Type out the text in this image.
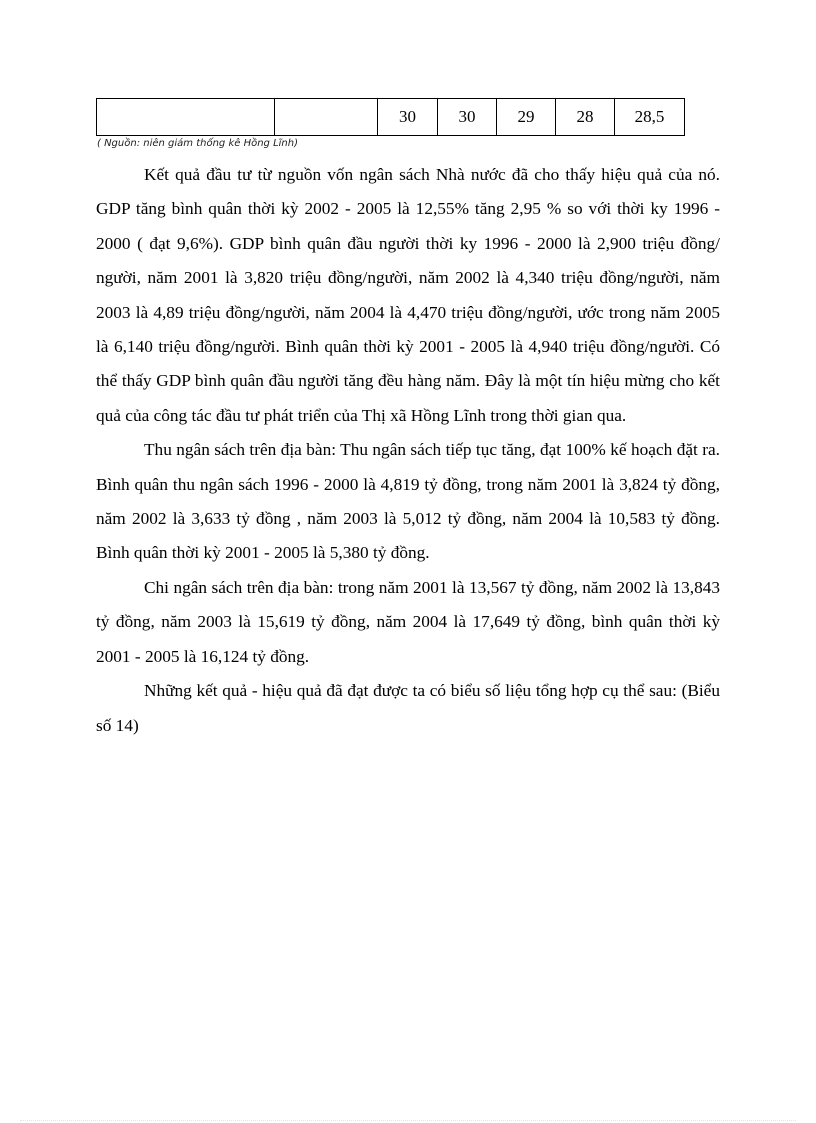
		30	30	29	28	28,5
( Nguồn: niên giám thống kê Hồng Lĩnh)

Kết quả đầu tư từ nguồn vốn ngân sách Nhà nước đã cho thấy hiệu quả của nó. GDP tăng bình quân thời kỳ 2002 - 2005 là 12,55% tăng 2,95 % so với thời ky 1996 - 2000 ( đạt 9,6%). GDP bình quân đầu người thời ky 1996 - 2000 là 2,900 triệu đồng/ người, năm 2001 là 3,820 triệu đồng/người, năm 2002 là 4,340 triệu đồng/người, năm 2003 là 4,89 triệu đồng/người, năm 2004 là 4,470 triệu đồng/người, ước trong năm 2005 là 6,140 triệu đồng/người. Bình quân thời kỳ 2001 - 2005 là 4,940 triệu đồng/người. Có thể thấy GDP bình quân đầu người tăng đều hàng năm. Đây là một tín hiệu mừng cho kết quả của công tác đầu tư phát triển của Thị xã Hồng Lĩnh trong thời gian qua.

Thu ngân sách trên địa bàn: Thu ngân sách tiếp tục tăng, đạt 100% kế hoạch đặt ra. Bình quân thu ngân sách 1996 - 2000 là 4,819 tỷ đồng, trong năm 2001 là 3,824 tỷ đồng, năm 2002 là 3,633 tỷ đồng , năm 2003 là 5,012 tỷ đồng, năm 2004 là 10,583 tỷ đồng. Bình quân thời kỳ 2001 - 2005 là 5,380 tỷ đồng.

Chi ngân sách trên địa bàn: trong năm 2001 là 13,567 tỷ đồng, năm 2002 là 13,843 tỷ đồng, năm 2003 là 15,619 tỷ đồng, năm 2004 là 17,649 tỷ đồng, bình quân thời kỳ 2001 - 2005 là 16,124 tỷ đồng.

Những kết quả - hiệu quả đã đạt được ta có biểu số liệu tổng hợp cụ thể sau: (Biểu số 14)
